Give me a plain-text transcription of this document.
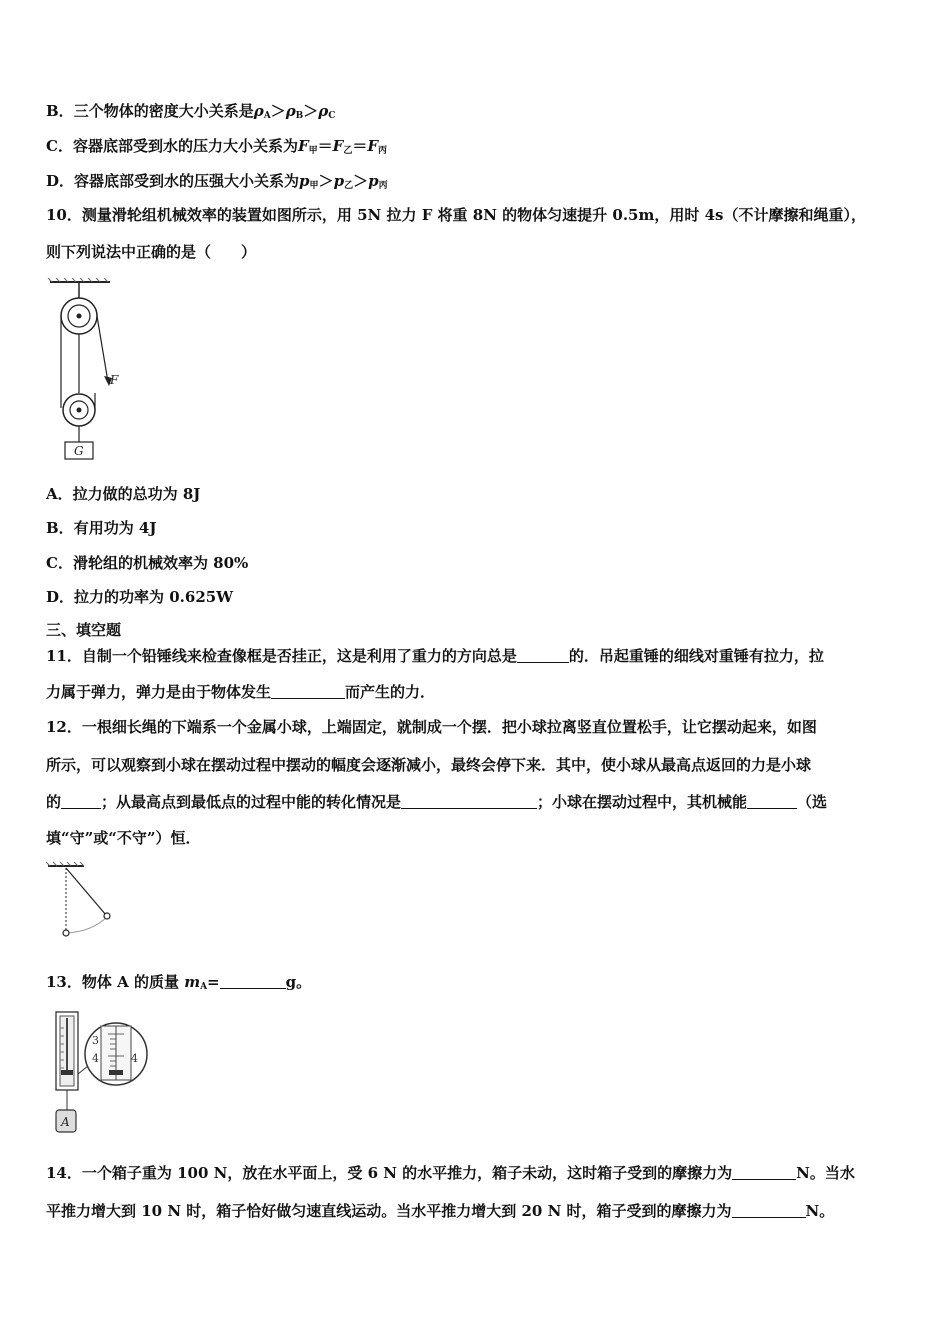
B．三个物体的密度大小关系是$\rho_A>\rho_B>\rho_C$
C．容器底部受到水的压力大小关系为$F_甲=F_乙=F_丙$
D．容器底部受到水的压强大小关系为$p_甲>p_乙>p_丙$
10．测量滑轮组机械效率的装置如图所示，用 5N 拉力 F 将重 8N 的物体匀速提升 0.5m，用时 4s（不计摩擦和绳重），
则下列说法中正确的是（　　）
F
G
A．拉力做的总功为 8J
B．有用功为 4J
C．滑轮组的机械效率为 80%
D．拉力的功率为 0.625W
三、填空题
11．自制一个铅锤线来检查像框是否挂正，这是利用了重力的方向总是	的．吊起重锤的细线对重锤有拉力，拉
力属于弹力，弹力是由于物体发生	而产生的力．
12．一根细长绳的下端系一个金属小球，上端固定，就制成一个摆．把小球拉离竖直位置松手，让它摆动起来，如图
所示，可以观察到小球在摆动过程中摆动的幅度会逐渐减小，最终会停下来．其中，使小球从最高点返回的力是小球
的	；从最高点到最低点的过程中能的转化情况是	；小球在摆动过程中，其机械能	（选
填“守”或“不守”）恒．
13．物体 A 的质量 $m_A=$	g。
3
4	4
A
14．一个箱子重为 100 N，放在水平面上，受 6 N 的水平推力，箱子未动，这时箱子受到的摩擦力为	N。当水
平推力增大到 10 N 时，箱子恰好做匀速直线运动。当水平推力增大到 20 N 时，箱子受到的摩擦力为	N。
